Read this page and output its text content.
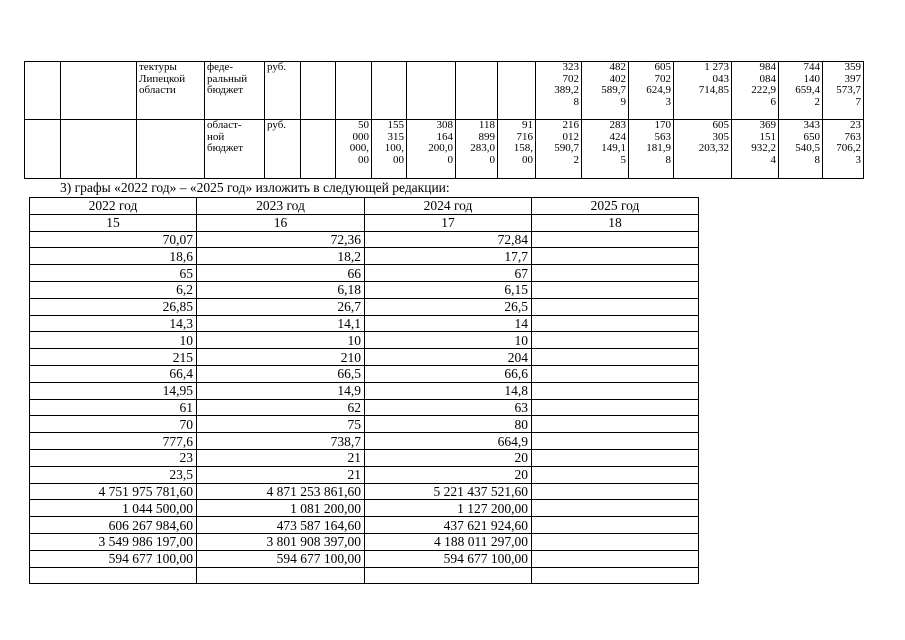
		тектуры
Липецкой
области	феде-
ральный
бюджет	руб.							323
702
389,2
8	482
402
589,7
9	605
702
624,9
3	1 273
043
714,85	984
084
222,9
6	744
140
659,4
2	359
397
573,7
7
			област-
ной
бюджет	руб.		50
000
000,
00	155
315
100,
00	308
164
200,0
0	118
899
283,0
0	91
716
158,
00	216
012
590,7
2	283
424
149,1
5	170
563
181,9
8	605
305
203,32	369
151
932,2
4	343
650
540,5
8	23
763
706,2
3
3) графы «2022 год» – «2025 год» изложить в следующей редакции:
2022 год	2023 год	2024 год	2025 год
15	16	17	18
70,07	72,36	72,84	
18,6	18,2	17,7	
65	66	67	
6,2	6,18	6,15	
26,85	26,7	26,5	
14,3	14,1	14	
10	10	10	
215	210	204	
66,4	66,5	66,6	
14,95	14,9	14,8	
61	62	63	
70	75	80	
777,6	738,7	664,9	
23	21	20	
23,5	21	20	
4 751 975 781,60	4 871 253 861,60	5 221 437 521,60	
1 044 500,00	1 081 200,00	1 127 200,00	
606 267 984,60	473 587 164,60	437 621 924,60	
3 549 986 197,00	3 801 908 397,00	4 188 011 297,00	
594 677 100,00	594 677 100,00	594 677 100,00	
